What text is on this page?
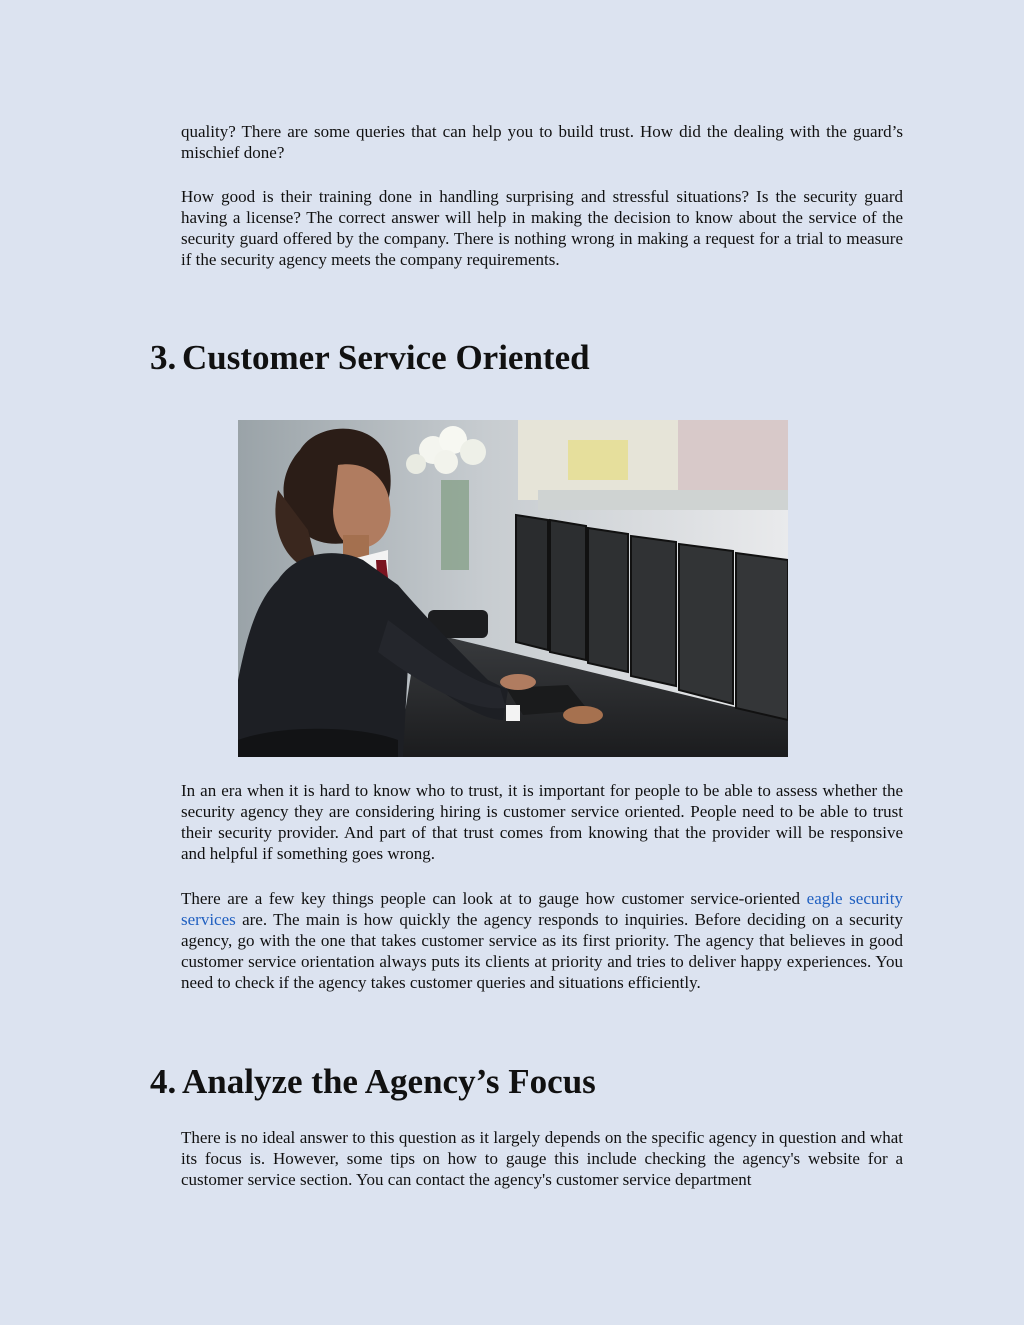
quality? There are some queries that can help you to build trust. How did the dealing with the guard’s mischief done?

How good is their training done in handling surprising and stressful situations? Is the security guard having a license? The correct answer will help in making the decision to know about the service of the security guard offered by the company. There is nothing wrong in making a request for a trial to measure if the security agency meets the company requirements.

3. Customer Service Oriented

In an era when it is hard to know who to trust, it is important for people to be able to assess whether the security agency they are considering hiring is customer service oriented. People need to be able to trust their security provider. And part of that trust comes from knowing that the provider will be responsive and helpful if something goes wrong.

There are a few key things people can look at to gauge how customer service-oriented eagle security services are. The main is how quickly the agency responds to inquiries. Before deciding on a security agency, go with the one that takes customer service as its first priority. The agency that believes in good customer service orientation always puts its clients at priority and tries to deliver happy experiences. You need to check if the agency takes customer queries and situations efficiently.

4. Analyze the Agency’s Focus

There is no ideal answer to this question as it largely depends on the specific agency in question and what its focus is. However, some tips on how to gauge this include checking the agency's website for a customer service section. You can contact the agency's customer service department
